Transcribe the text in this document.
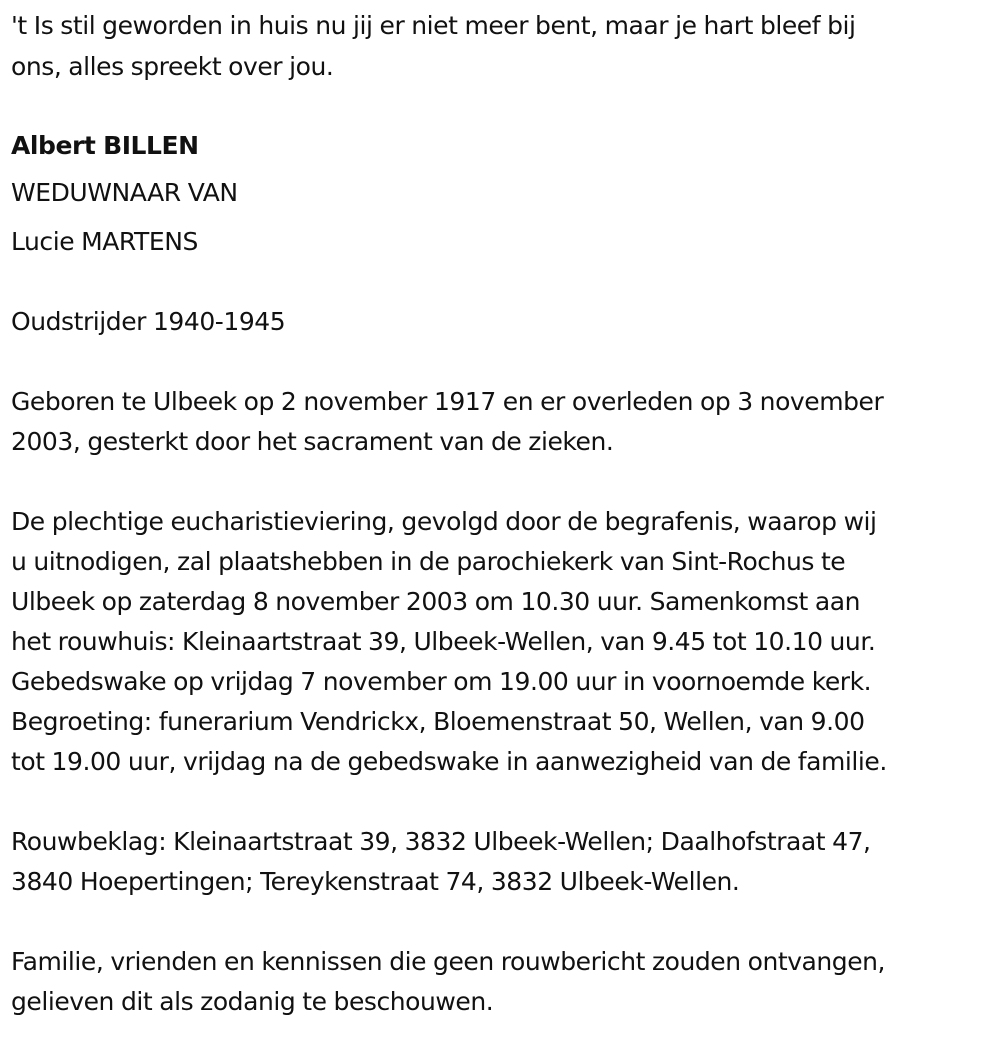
't Is stil geworden in huis nu jij er niet meer bent, maar je hart bleef bij
ons, alles spreekt over jou.
Albert BILLEN
WEDUWNAAR VAN
Lucie MARTENS
Oudstrijder 1940-1945
Geboren te Ulbeek op 2 november 1917 en er overleden op 3 november
2003, gesterkt door het sacrament van de zieken.
De plechtige eucharistieviering, gevolgd door de begrafenis, waarop wij
u uitnodigen, zal plaatshebben in de parochiekerk van Sint-Rochus te
Ulbeek op zaterdag 8 november 2003 om 10.30 uur. Samenkomst aan
het rouwhuis: Kleinaartstraat 39, Ulbeek-Wellen, van 9.45 tot 10.10 uur.
Gebedswake op vrijdag 7 november om 19.00 uur in voornoemde kerk.
Begroeting: funerarium Vendrickx, Bloemenstraat 50, Wellen, van 9.00
tot 19.00 uur, vrijdag na de gebedswake in aanwezigheid van de familie.
Rouwbeklag: Kleinaartstraat 39, 3832 Ulbeek-Wellen; Daalhofstraat 47,
3840 Hoepertingen; Tereykenstraat 74, 3832 Ulbeek-Wellen.
Familie, vrienden en kennissen die geen rouwbericht zouden ontvangen,
gelieven dit als zodanig te beschouwen.
